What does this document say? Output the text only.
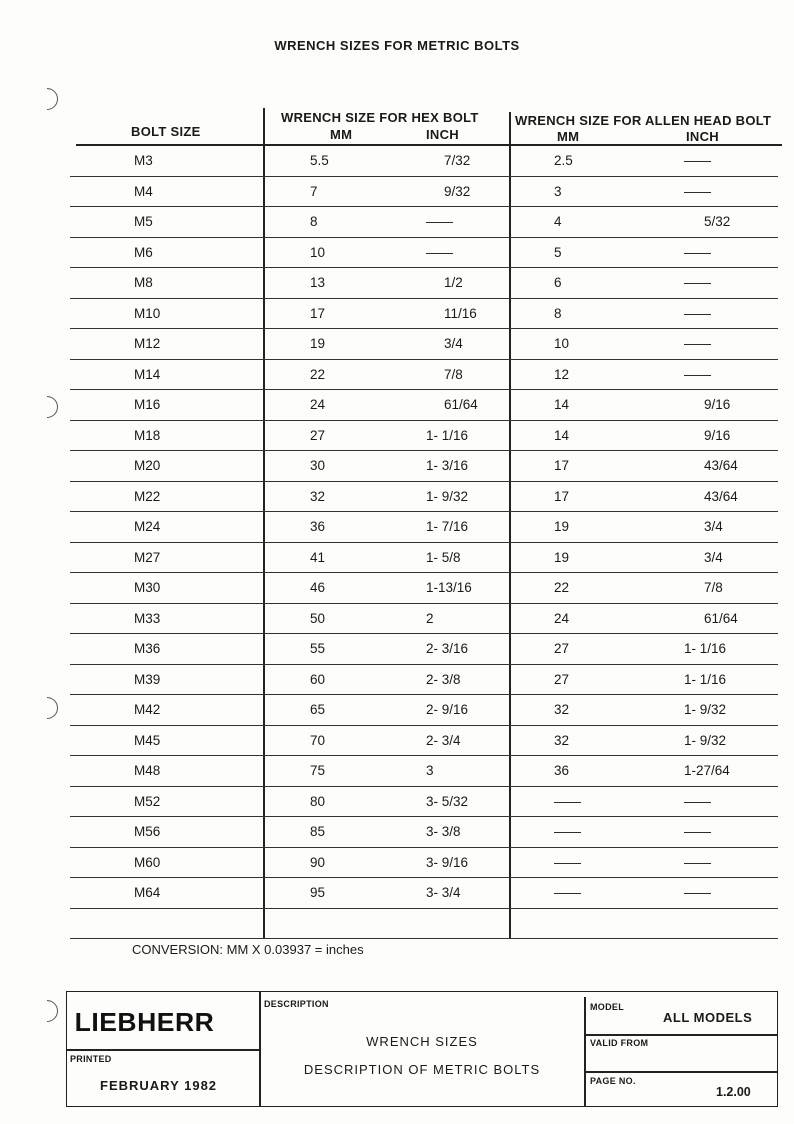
WRENCH SIZES FOR METRIC BOLTS
BOLT SIZE
WRENCH SIZE FOR HEX BOLT
MM	INCH
WRENCH SIZE FOR ALLEN HEAD BOLT
MM	INCH
M3	5.5	7/32	2.5	——
M4	7	9/32	3	——
M5	8	——	4	5/32
M6	10	——	5	——
M8	13	1/2	6	——
M10	17	11/16	8	——
M12	19	3/4	10	——
M14	22	7/8	12	——
M16	24	61/64	14	9/16
M18	27	1- 1/16	14	9/16
M20	30	1- 3/16	17	43/64
M22	32	1- 9/32	17	43/64
M24	36	1- 7/16	19	3/4
M27	41	1- 5/8	19	3/4
M30	46	1-13/16	22	7/8
M33	50	2	24	61/64
M36	55	2- 3/16	27	1- 1/16
M39	60	2- 3/8	27	1- 1/16
M42	65	2- 9/16	32	1- 9/32
M45	70	2- 3/4	32	1- 9/32
M48	75	3	36	1-27/64
M52	80	3- 5/32	——	——
M56	85	3- 3/8	——	——
M60	90	3- 9/16	——	——
M64	95	3- 3/4	——	——
CONVERSION: MM X 0.03937 = inches
LIEBHERR
PRINTED
FEBRUARY 1982
DESCRIPTION
WRENCH SIZES
DESCRIPTION OF METRIC BOLTS
MODEL
ALL MODELS
VALID FROM
PAGE NO.
1.2.00
